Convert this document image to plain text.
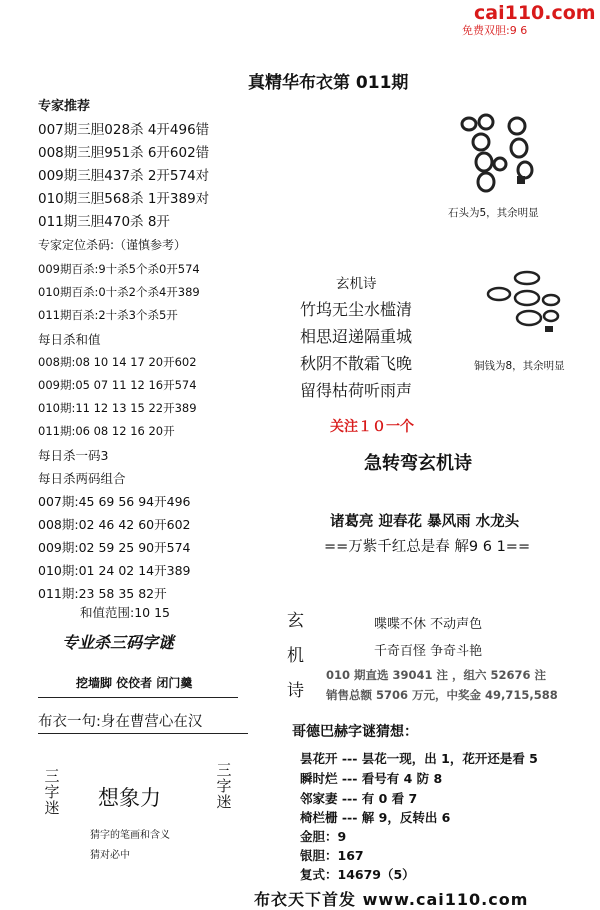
cai110.com
免费双胆:9 6
真精华布衣第 011期
专家推荐
007期三胆028杀 4开496错
008期三胆951杀 6开602错
009期三胆437杀 2开574对
010期三胆568杀 1开389对
011期三胆470杀 8开
专家定位杀码:（谨慎参考）
009期百杀:9十杀5个杀0开574
010期百杀:0十杀2个杀4开389
011期百杀:2十杀3个杀5开
每日杀和值
008期:08 10 14 17 20开602
009期:05 07 11 12 16开574
010期:11 12 13 15 22开389
011期:06 08 12 16 20开
每日杀一码3
每日杀两码组合
007期:45 69 56 94开496
008期:02 46 42 60开602
009期:02 59 25 90开574
010期:01 24 02 14开389
011期:23 58 35 82开
和值范围:10 15
专业杀三码字谜
挖墙脚 佼佼者 闭门羹
布衣一句:身在曹营心在汉
三字迷
三字迷
想象力
猜字的笔画和含义
猜对必中
石头为5，其余明显
铜钱为8，其余明显
玄机诗
竹坞无尘水槛清
相思迢递隔重城
秋阴不散霜飞晚
留得枯荷听雨声
关注１０一个
急转弯玄机诗
诸葛亮 迎春花 暴风雨 水龙头
==万紫千红总是春 解9 6 1==
玄
机
诗
喋喋不休 不动声色
千奇百怪 争奇斗艳
010 期直选 39041 注 ，组六 52676 注
销售总额 5706 万元，中奖金 49,715,588
哥德巴赫字谜猜想：
昙花开 --- 昙花一现，出 1，花开还是看 5
瞬时烂 --- 看号有 4 防 8
邻家妻 --- 有 0 看 7
椅栏栅 --- 解 9，反转出 6
金胆：9
银胆：167
复式：14679（5）
布衣天下首发 www.cai110.com
